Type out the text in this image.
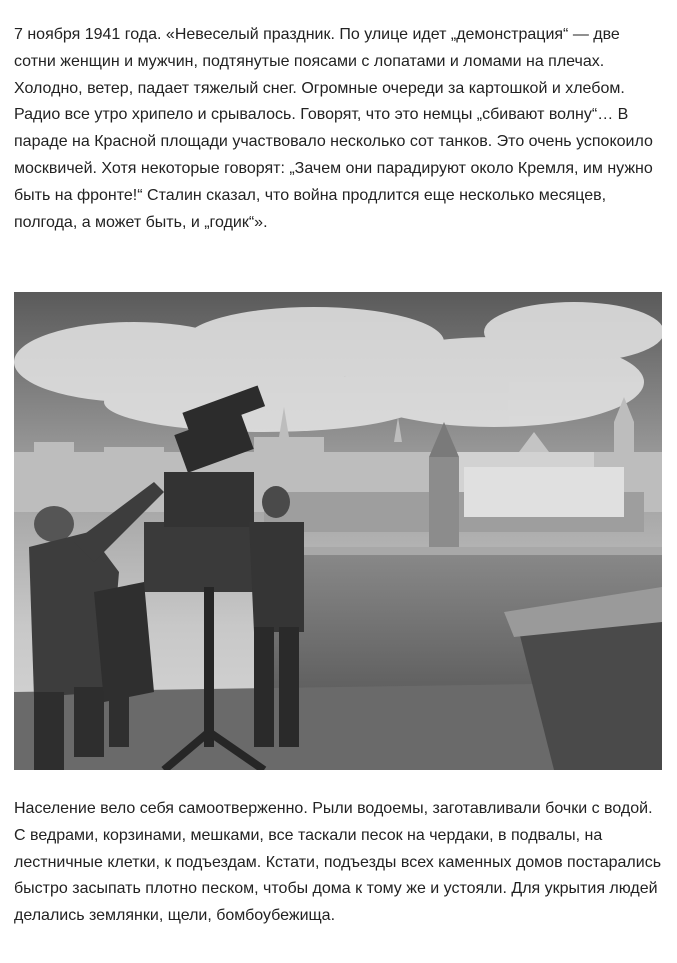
7 ноября 1941 года. «Невеселый праздник. По улице идет „демонстрация“ — две сотни женщин и мужчин, подтянутые поясами с лопатами и ломами на плечах. Холодно, ветер, падает тяжелый снег. Огромные очереди за картошкой и хлебом. Радио все утро хрипело и срывалось. Говорят, что это немцы „сбивают волну“… В параде на Красной площади участвовало несколько сот танков. Это очень успокоило москвичей. Хотя некоторые говорят: „Зачем они парадируют около Кремля, им нужно быть на фронте!“ Сталин сказал, что война продлится еще несколько месяцев, полгода, а может быть, и „годик“».

Население вело себя самоотверженно. Рыли водоемы, заготавливали бочки с водой. С ведрами, корзинами, мешками, все таскали песок на чердаки, в подвалы, на лестничные клетки, к подъездам. Кстати, подъезды всех каменных домов постарались быстро засыпать плотно песком, чтобы дома к тому же и устояли. Для укрытия людей делались землянки, щели, бомбоубежища.
